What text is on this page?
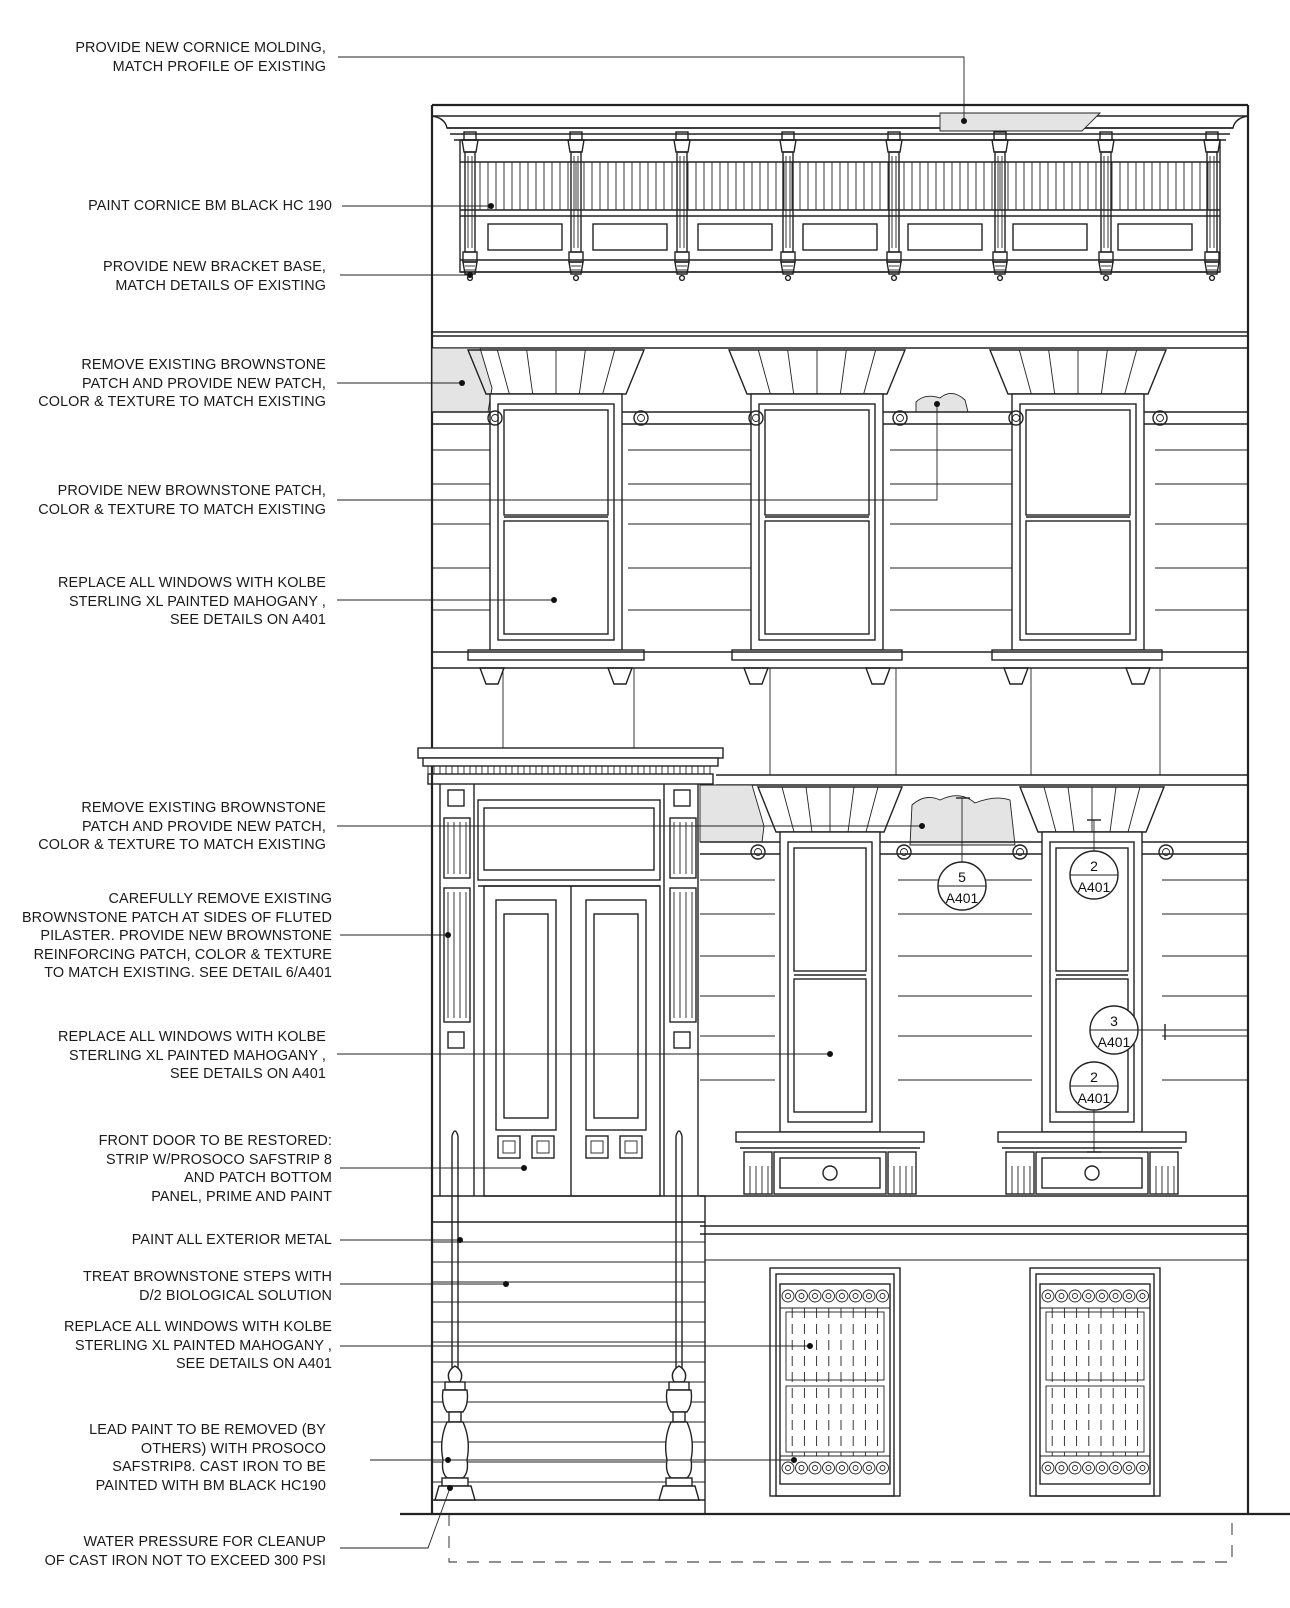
5
A401
2
A401
3
A401
2
A401
PROVIDE NEW CORNICE MOLDING,
MATCH PROFILE OF EXISTING
PAINT CORNICE BM BLACK HC 190
PROVIDE NEW BRACKET BASE,
MATCH DETAILS OF EXISTING
REMOVE EXISTING BROWNSTONE
PATCH AND PROVIDE NEW PATCH,
COLOR & TEXTURE TO MATCH EXISTING
PROVIDE NEW BROWNSTONE PATCH,
COLOR & TEXTURE TO MATCH EXISTING
REPLACE ALL WINDOWS WITH KOLBE
STERLING XL PAINTED MAHOGANY ,
SEE DETAILS ON A401
REMOVE EXISTING BROWNSTONE
PATCH AND PROVIDE NEW PATCH,
COLOR & TEXTURE TO MATCH EXISTING
CAREFULLY REMOVE EXISTING
BROWNSTONE PATCH AT SIDES OF FLUTED
PILASTER. PROVIDE NEW BROWNSTONE
REINFORCING PATCH, COLOR & TEXTURE
TO MATCH EXISTING. SEE DETAIL 6/A401
REPLACE ALL WINDOWS WITH KOLBE
STERLING XL PAINTED MAHOGANY ,
SEE DETAILS ON A401
FRONT DOOR TO BE RESTORED:
STRIP W/PROSOCO SAFSTRIP 8
AND PATCH BOTTOM
PANEL, PRIME AND PAINT
PAINT ALL EXTERIOR METAL
TREAT BROWNSTONE STEPS WITH
D/2 BIOLOGICAL SOLUTION
REPLACE ALL WINDOWS WITH KOLBE
STERLING XL PAINTED MAHOGANY ,
SEE DETAILS ON A401
LEAD PAINT TO BE REMOVED (BY
OTHERS) WITH PROSOCO
SAFSTRIP8. CAST IRON TO BE
PAINTED WITH BM BLACK HC190
WATER PRESSURE FOR CLEANUP
OF CAST IRON NOT TO EXCEED 300 PSI
